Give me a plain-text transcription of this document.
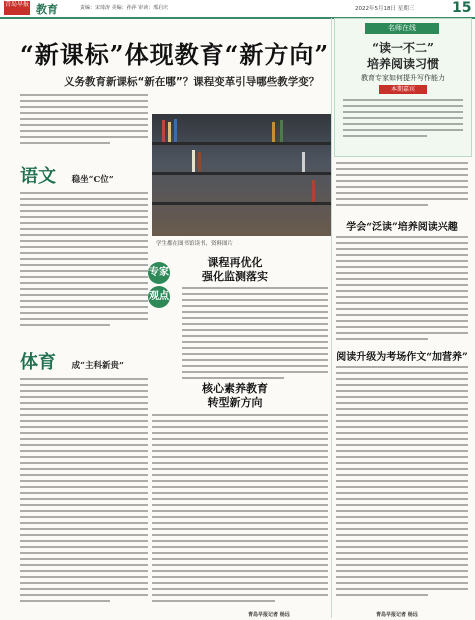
青岛早报 教育	责编：宋琦涛 美编：孙萍 审读：邢启庆	2022年5月18日 星期三	15
“新课标”体现教育“新方向”
义务教育新课标“新在哪”？课程变革引导哪些教学变？
语文 稳坐“C位”
体育 成“主科新贵”
学生都在图书馆读书，资料图片
专家
观点
课程再优化
强化监测落实
核心素养教育
转型新方向
青岛早报记者 杨远
名师在线
“读一不二”
培养阅读习惯
教育专家如何提升写作能力
本期嘉宾
学会“泛读”培养阅读兴趣
阅读升级为考场作文“加营养”
青岛早报记者 杨远
